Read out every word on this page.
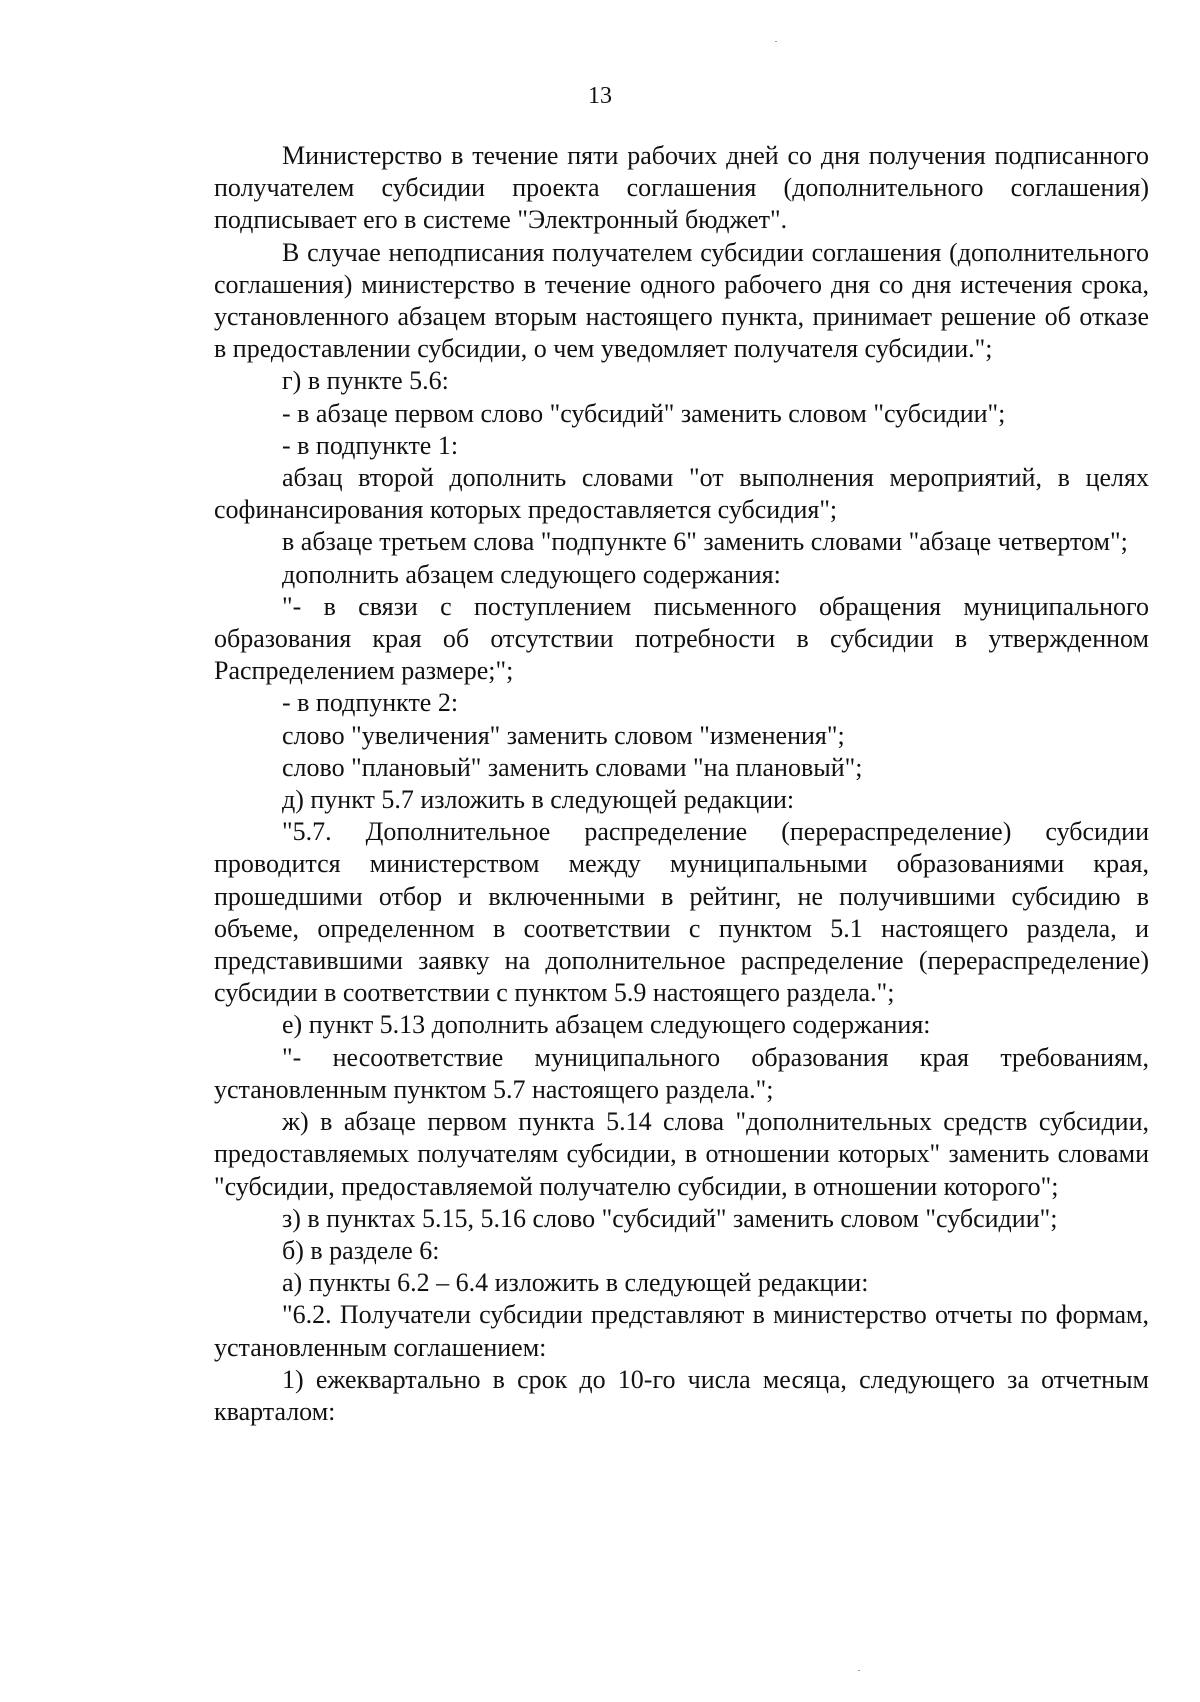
13

Министерство в течение пяти рабочих дней со дня получения подписанного получателем субсидии проекта соглашения (дополнительного соглашения) подписывает его в системе "Электронный бюджет".

В случае неподписания получателем субсидии соглашения (дополнительного соглашения) министерство в течение одного рабочего дня со дня истечения срока, установленного абзацем вторым настоящего пункта, принимает решение об отказе в предоставлении субсидии, о чем уведомляет получателя субсидии.";

г) в пункте 5.6:

- в абзаце первом слово "субсидий" заменить словом "субсидии";

- в подпункте 1:

абзац второй дополнить словами "от выполнения мероприятий, в целях софинансирования которых предоставляется субсидия";

в абзаце третьем слова "подпункте 6" заменить словами "абзаце четвертом";

дополнить абзацем следующего содержания:

"- в связи с поступлением письменного обращения муниципального образования края об отсутствии потребности в субсидии в утвержденном Распределением размере;";

- в подпункте 2:

слово "увеличения" заменить словом "изменения";

слово "плановый" заменить словами "на плановый";

д) пункт 5.7 изложить в следующей редакции:

"5.7. Дополнительное распределение (перераспределение) субсидии проводится министерством между муниципальными образованиями края, прошедшими отбор и включенными в рейтинг, не получившими субсидию в объеме, определенном в соответствии с пунктом 5.1 настоящего раздела, и представившими заявку на дополнительное распределение (перераспределение) субсидии в соответствии с пунктом 5.9 настоящего раздела.";

е) пункт 5.13 дополнить абзацем следующего содержания:

"- несоответствие муниципального образования края требованиям, установленным пунктом 5.7 настоящего раздела.";

ж) в абзаце первом пункта 5.14 слова "дополнительных средств субсидии, предоставляемых получателям субсидии, в отношении которых" заменить словами "субсидии, предоставляемой получателю субсидии, в отношении которого";

з) в пунктах 5.15, 5.16 слово "субсидий" заменить словом "субсидии";

б) в разделе 6:

а) пункты 6.2 – 6.4 изложить в следующей редакции:

"6.2. Получатели субсидии представляют в министерство отчеты по формам, установленным соглашением:

1) ежеквартально в срок до 10-го числа месяца, следующего за отчетным кварталом:
